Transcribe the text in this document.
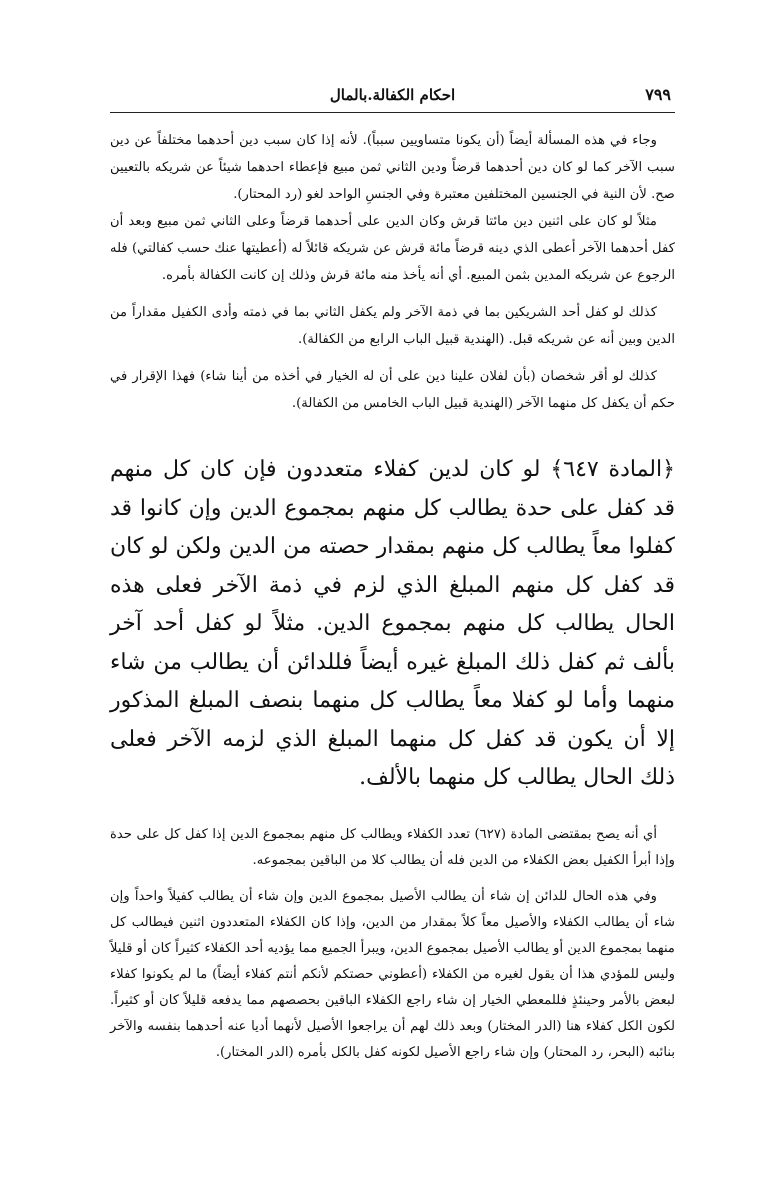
٧٩٩
احكام الكفالة.بالمال

وجاء في هذه المسألة أيضاً (أن يكونا متساويين سبباً). لأنه إذا كان سبب دين أحدهما مختلفاً عن دين سبب الآخر كما لو كان دين أحدهما قرضاً ودين الثاني ثمن مبيع فإعطاء احدهما شيئاً عن شريكه بالتعيين صح. لأن النية في الجنسين المختلفين معتبرة وفي الجنسِ الواحد لغو (رد المحتار).

مثلاً لو كان على اثنين دين مائتا قرش وكان الدين على أحدهما قرضاً وعلى الثاني ثمن مبيع وبعد أن كفل أحدهما الآخر أعطى الذي دينه قرضاً مائة قرش عن شريكه قائلاً له (أعطيتها عنك حسب كفالتي) فله الرجوع عن شريكه المدين بثمن المبيع. أي أنه يأخذ منه مائة قرش وذلك إن كانت الكفالة بأمره.

كذلك لو كفل أحد الشريكين بما في ذمة الآخر ولم يكفل الثاني بما في ذمته وأدى الكفيل مقداراً من الدين وبين أنه عن شريكه قبل. (الهندية قبيل الباب الرابع من الكفالة).

كذلك لو أقر شخصان (بأن لفلان علينا دين على أن له الخيار في أخذه من أينا شاء) فهذا الإقرار في حكم أن يكفل كل منهما الآخر (الهندية قبيل الباب الخامس من الكفالة).

﴿المادة ٦٤٧﴾ لو كان لدين كفلاء متعددون فإن كان كل منهم قد كفل على حدة يطالب كل منهم بمجموع الدين وإن كانوا قد كفلوا معاً يطالب كل منهم بمقدار حصته من الدين ولكن لو كان قد كفل كل منهم المبلغ الذي لزم في ذمة الآخر فعلى هذه الحال يطالب كل منهم بمجموع الدين. مثلاً لو كفل أحد آخر بألف ثم كفل ذلك المبلغ غيره أيضاً فللدائن أن يطالب من شاء منهما وأما لو كفلا معاً يطالب كل منهما بنصف المبلغ المذكور إلا أن يكون قد كفل كل منهما المبلغ الذي لزمه الآخر فعلى ذلك الحال يطالب كل منهما بالألف.

أي أنه يصح بمقتضى المادة (٦٢٧) تعدد الكفلاء ويطالب كل منهم بمجموع الدين إذا كفل كل على حدة وإذا أبرأ الكفيل بعض الكفلاء من الدين فله أن يطالب كلا من الباقين بمجموعه.

وفي هذه الحال للدائن إن شاء أن يطالب الأصيل بمجموع الدين وإن شاء أن يطالب كفيلاً واحداً وإن شاء أن يطالب الكفلاء والأصيل معاً كلاً بمقدار من الدين، وإذا كان الكفلاء المتعددون اثنين فيطالب كل منهما بمجموع الدين أو يطالب الأصيل بمجموع الدين، ويبرأ الجميع مما يؤديه أحد الكفلاء كثيراً كان أو قليلاً وليس للمؤدي هذا أن يقول لغيره من الكفلاء (أعطوني حصتكم لأنكم أنتم كفلاء أيضاً) ما لم يكونوا كفلاء لبعض بالأمر وحينئذٍ فللمعطي الخيار إن شاء راجع الكفلاء الباقين بحصصهم مما يدفعه قليلاً كان أو كثيراً. لكون الكل كفلاء هنا (الدر المختار) وبعد ذلك لهم أن يراجعوا الأصيل لأنهما أديا عنه أحدهما بنفسه والآخر بنائبه (البحر، رد المحتار) وإن شاء راجع الأصيل لكونه كفل بالكل بأمره (الدر المختار).
